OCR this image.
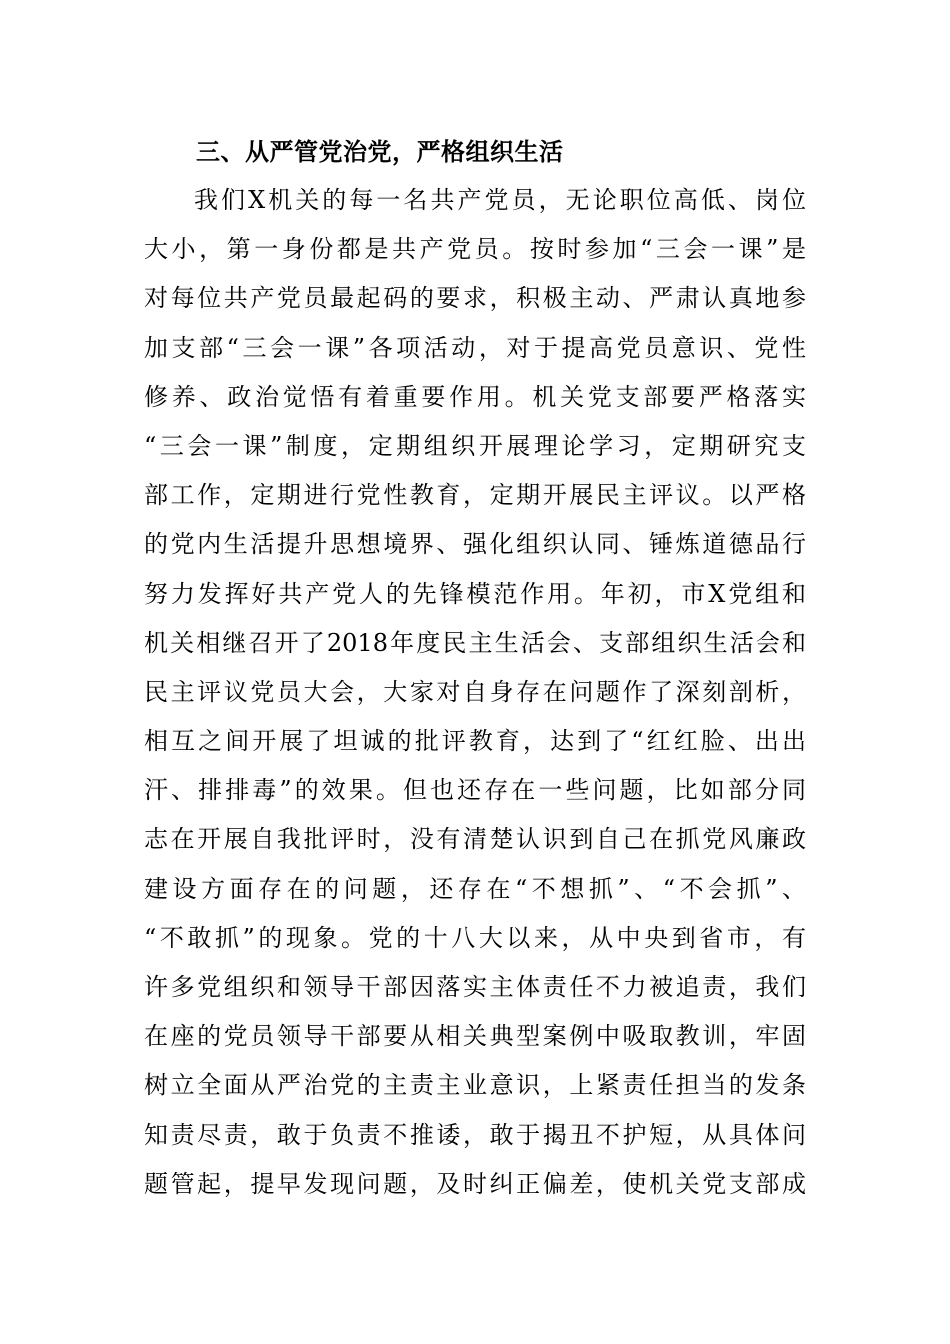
三、从严管党治党，严格组织生活
我们X机关的每一名共产党员，无论职位高低、岗位
大小，第一身份都是共产党员。按时参加“三会一课”是
对每位共产党员最起码的要求，积极主动、严肃认真地参
加支部“三会一课”各项活动，对于提高党员意识、党性
修养、政治觉悟有着重要作用。机关党支部要严格落实
“三会一课”制度，定期组织开展理论学习，定期研究支
部工作，定期进行党性教育，定期开展民主评议。以严格
的党内生活提升思想境界、强化组织认同、锤炼道德品行
努力发挥好共产党人的先锋模范作用。年初，市X党组和
机关相继召开了2018年度民主生活会、支部组织生活会和
民主评议党员大会，大家对自身存在问题作了深刻剖析，
相互之间开展了坦诚的批评教育，达到了“红红脸、出出
汗、排排毒”的效果。但也还存在一些问题，比如部分同
志在开展自我批评时，没有清楚认识到自己在抓党风廉政
建设方面存在的问题，还存在“不想抓”、“不会抓”、
“不敢抓”的现象。党的十八大以来，从中央到省市，有
许多党组织和领导干部因落实主体责任不力被追责，我们
在座的党员领导干部要从相关典型案例中吸取教训，牢固
树立全面从严治党的主责主业意识，上紧责任担当的发条
知责尽责，敢于负责不推诿，敢于揭丑不护短，从具体问
题管起，提早发现问题，及时纠正偏差，使机关党支部成
